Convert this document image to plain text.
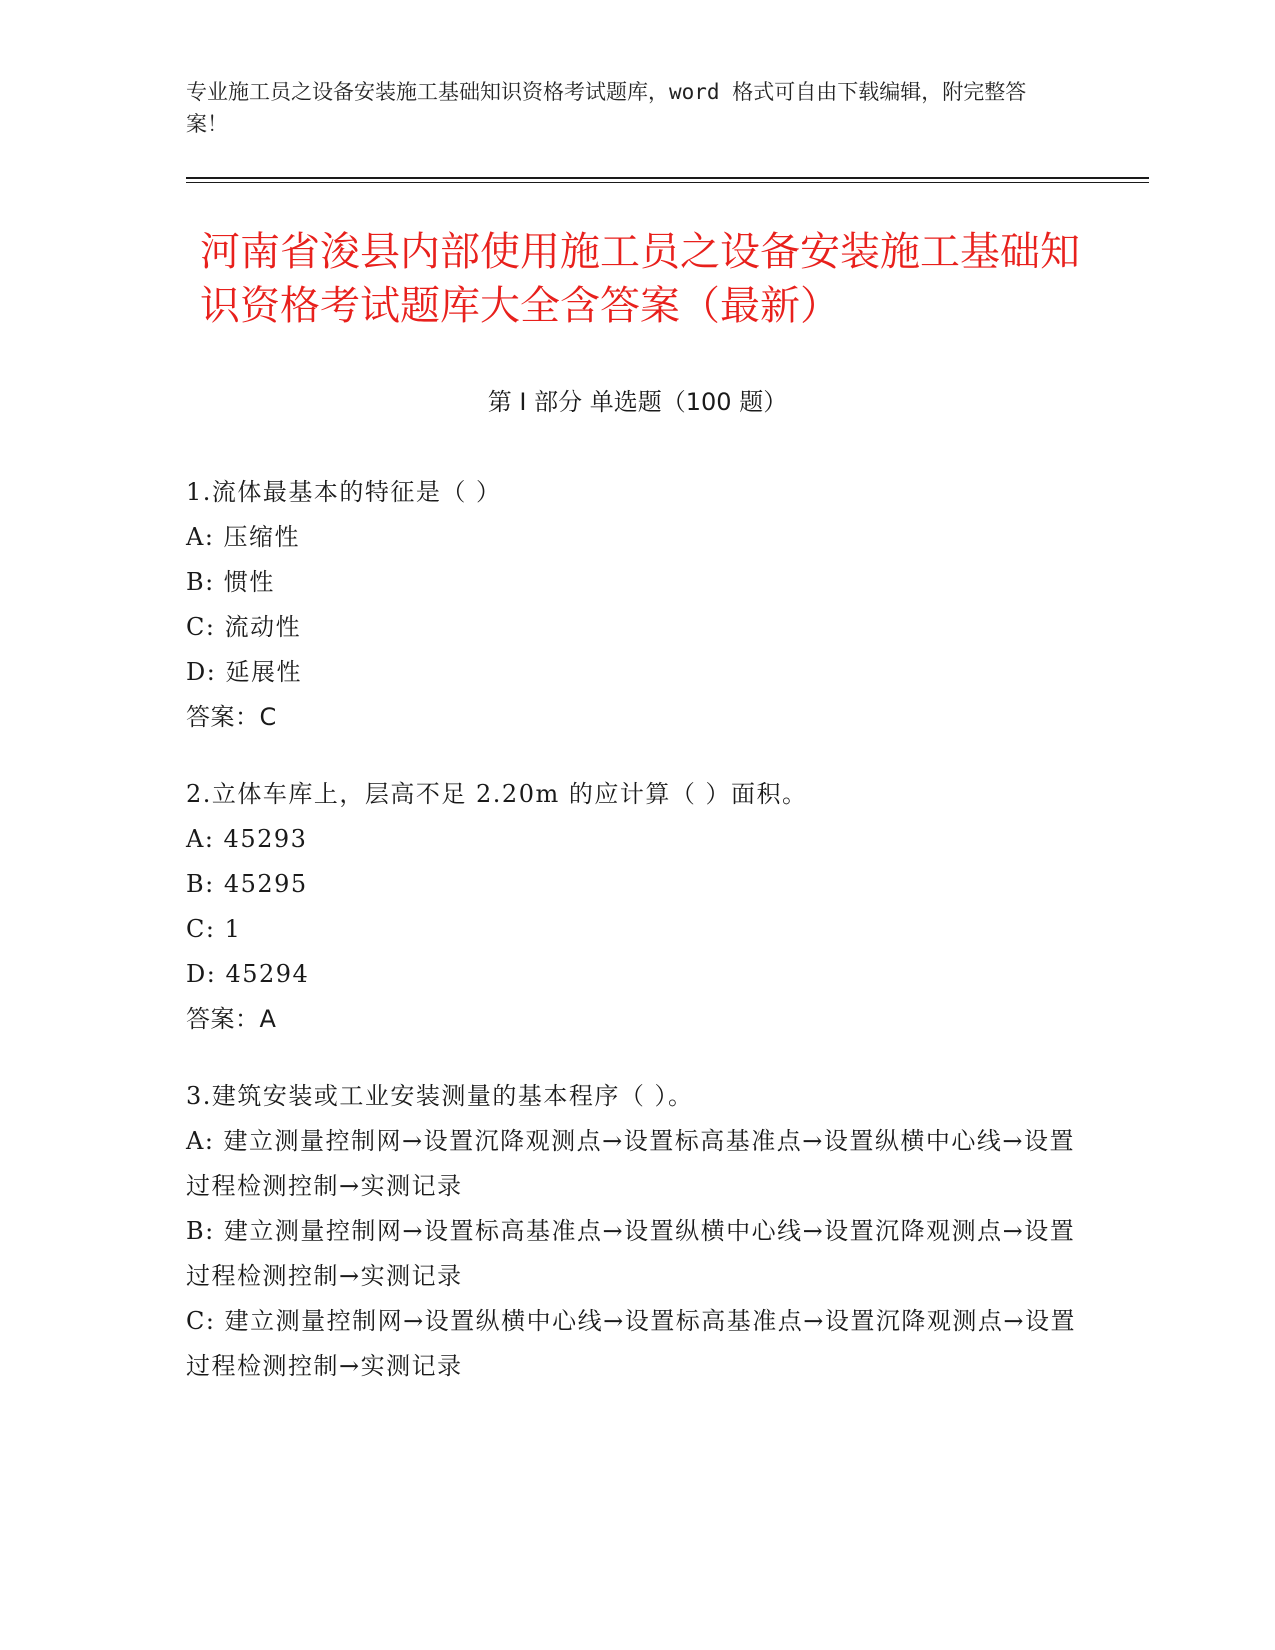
专业施工员之设备安装施工基础知识资格考试题库，word 格式可自由下载编辑，附完整答案！
河南省浚县内部使用施工员之设备安装施工基础知识资格考试题库大全含答案（最新）
第 I 部分 单选题（100 题）
1.流体最基本的特征是（ ）
A: 压缩性
B: 惯性
C: 流动性
D: 延展性
答案：C
2.立体车库上，层高不足 2.20m 的应计算（ ）面积。
A: 45293
B: 45295
C: 1
D: 45294
答案：A
3.建筑安装或工业安装测量的基本程序（ ）。
A: 建立测量控制网→设置沉降观测点→设置标高基准点→设置纵横中心线→设置过程检测控制→实测记录
B: 建立测量控制网→设置标高基准点→设置纵横中心线→设置沉降观测点→设置过程检测控制→实测记录
C: 建立测量控制网→设置纵横中心线→设置标高基准点→设置沉降观测点→设置过程检测控制→实测记录
